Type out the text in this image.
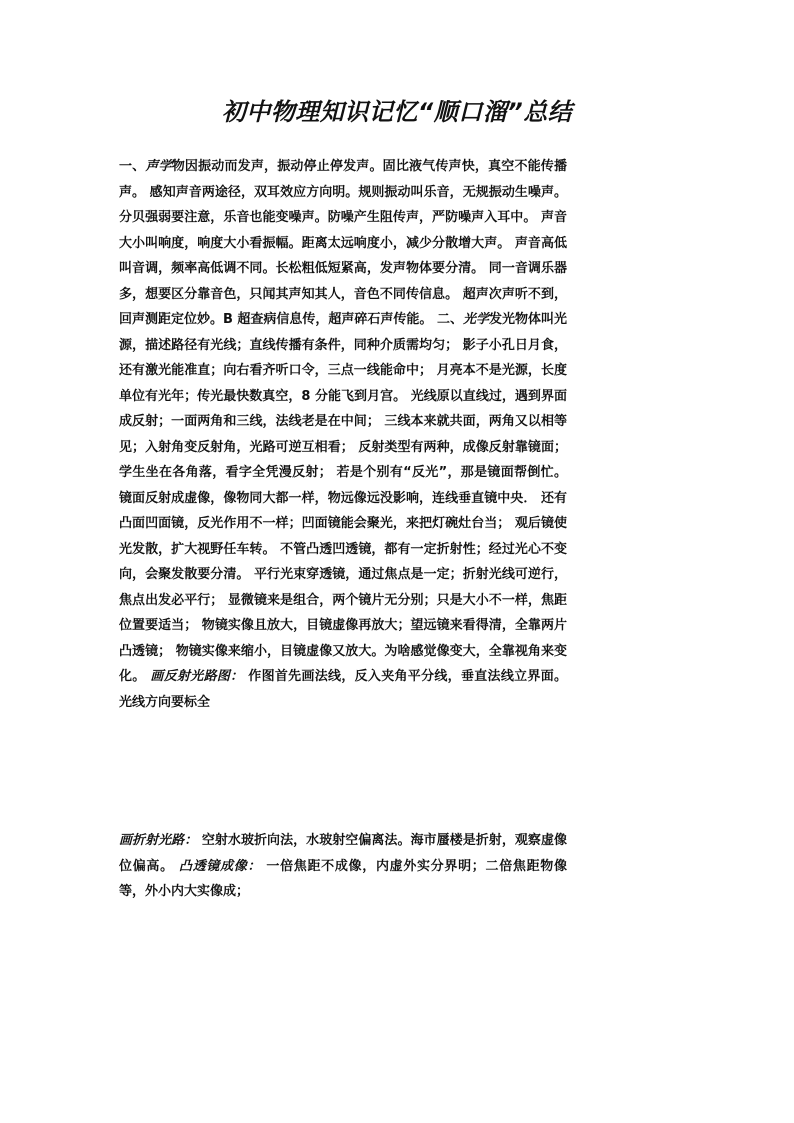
初中物理知识记忆“顺口溜”总结
一、声学物因振动而发声，振动停止停发声。固比液气传声快，真空不能传播声。 感知声音两途径，双耳效应方向明。规则振动叫乐音，无规振动生噪声。 分贝强弱要注意，乐音也能变噪声。防噪产生阻传声，严防噪声入耳中。 声音大小叫响度，响度大小看振幅。距离太远响度小，减少分散增大声。 声音高低叫音调，频率高低调不同。长松粗低短紧高，发声物体要分清。 同一音调乐器多，想要区分靠音色，只闻其声知其人，音色不同传信息。 超声次声听不到，回声测距定位妙。B 超查病信息传，超声碎石声传能。 二、光学发光物体叫光源，描述路径有光线；直线传播有条件，同种介质需均匀； 影子小孔日月食，还有激光能准直；向右看齐听口令，三点一线能命中； 月亮本不是光源，长度单位有光年；传光最快数真空，8 分能飞到月宫。 光线原以直线过，遇到界面成反射；一面两角和三线，法线老是在中间； 三线本来就共面，两角又以相等见；入射角变反射角，光路可逆互相看； 反射类型有两种，成像反射靠镜面；学生坐在各角落，看字全凭漫反射； 若是个别有“反光”，那是镜面帮倒忙。镜面反射成虚像，像物同大都一样，物远像远没影响，连线垂直镜中央． 还有凸面凹面镜，反光作用不一样；凹面镜能会聚光，来把灯碗灶台当； 观后镜使光发散，扩大视野任车转。 不管凸透凹透镜，都有一定折射性；经过光心不变向，会聚发散要分清。 平行光束穿透镜，通过焦点是一定；折射光线可逆行，焦点出发必平行； 显微镜来是组合，两个镜片无分别；只是大小不一样，焦距位置要适当； 物镜实像且放大，目镜虚像再放大；望远镜来看得清，全靠两片凸透镜； 物镜实像来缩小，目镜虚像又放大。为啥感觉像变大，全靠视角来变化。 画反射光路图： 作图首先画法线，反入夹角平分线，垂直法线立界面。光线方向要标全
画折射光路： 空射水玻折向法，水玻射空偏离法。海市蜃楼是折射，观察虚像位偏高。 凸透镜成像： 一倍焦距不成像，内虚外实分界明；二倍焦距物像等，外小内大实像成；
